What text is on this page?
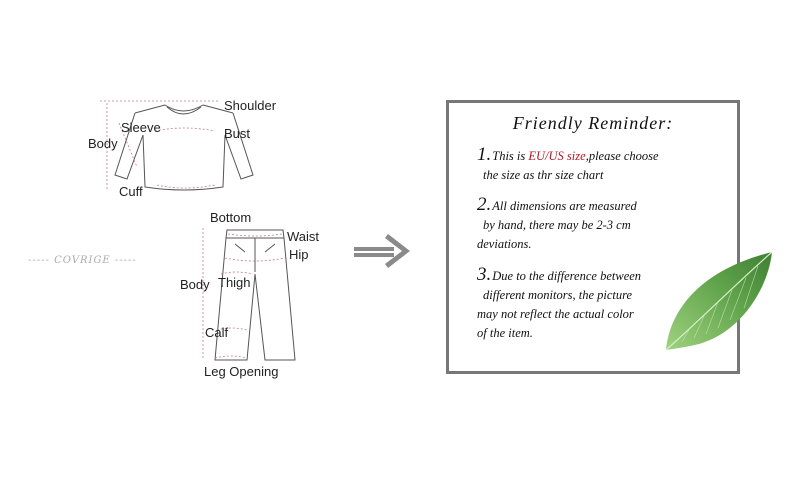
Shoulder
Sleeve	Bust
Body
Cuff
Bottom
Waist
Hip
Body Thigh
Calf
Leg Opening
----- COVRIGE -----
Friendly Reminder:
1.This is EU/US size,please choose
the size as thr size chart
2.All dimensions are measured
by hand, there may be 2-3 cm
deviations.
3.Due to the difference between
different monitors, the picture
may not reflect the actual color
of the item.
